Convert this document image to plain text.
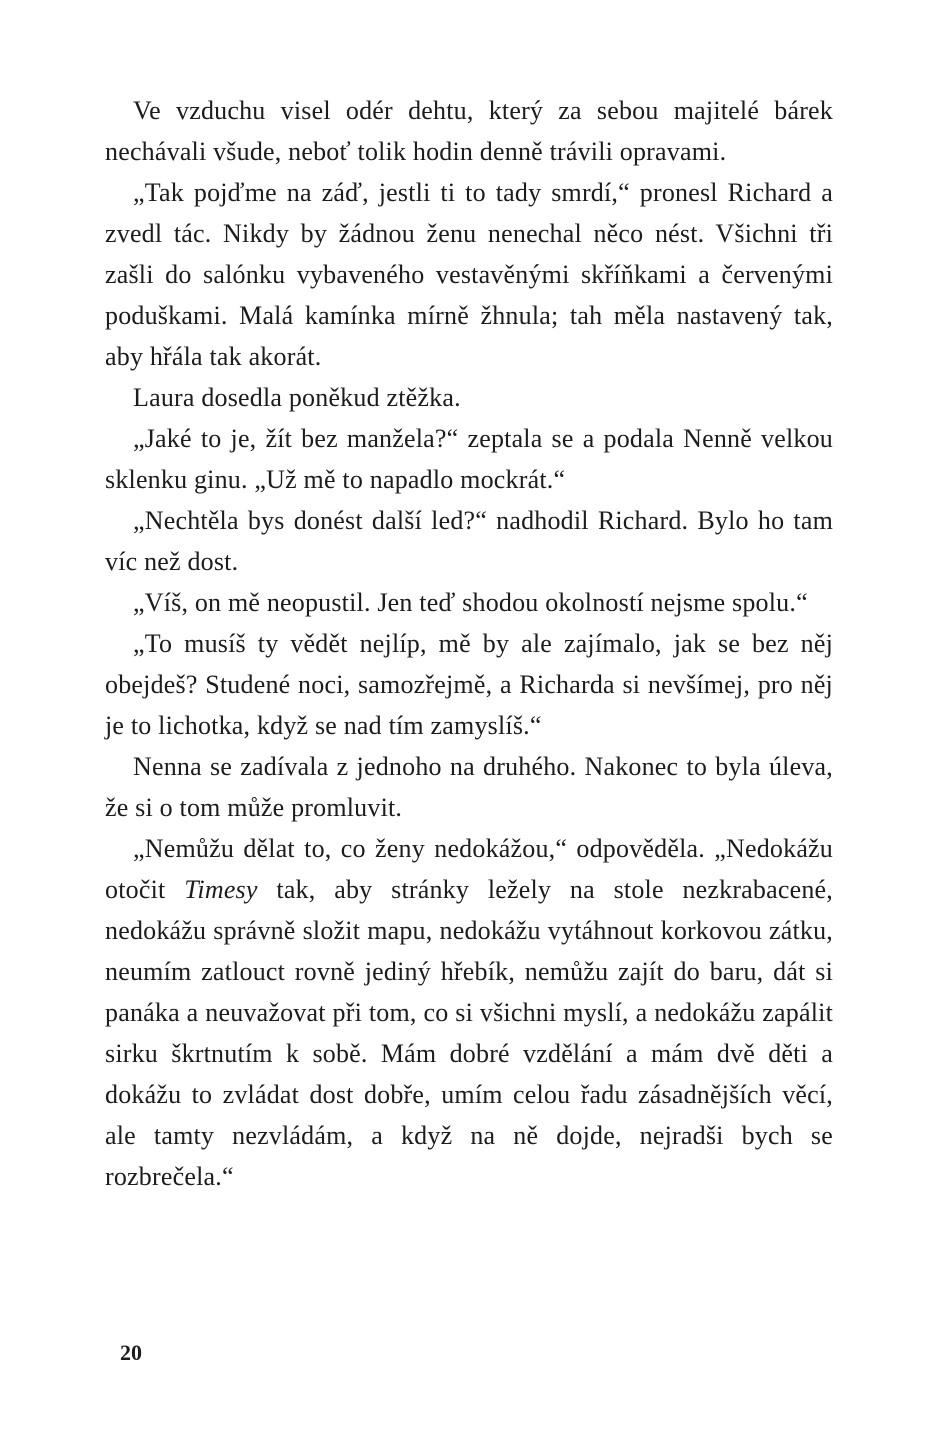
Ve vzduchu visel odér dehtu, který za sebou majitelé bárek nechávali všude, neboť tolik hodin denně trávili opravami.

„Tak pojďme na záď, jestli ti to tady smrdí,“ pronesl Richard a zvedl tác. Nikdy by žádnou ženu nenechal něco nést. Všichni tři zašli do salónku vybaveného vestavěnými skříňkami a červenými poduškami. Malá kamínka mírně žhnula; tah měla nastavený tak, aby hřála tak akorát.

Laura dosedla poněkud ztěžka.

„Jaké to je, žít bez manžela?“ zeptala se a podala Nenně velkou sklenku ginu. „Už mě to napadlo mockrát.“

„Nechtěla bys donést další led?“ nadhodil Richard. Bylo ho tam víc než dost.

„Víš, on mě neopustil. Jen teď shodou okolností nejsme spolu.“

„To musíš ty vědět nejlíp, mě by ale zajímalo, jak se bez něj obejdeš? Studené noci, samozřejmě, a Richarda si nevšímej, pro něj je to lichotka, když se nad tím zamyslíš.“

Nenna se zadívala z jednoho na druhého. Nakonec to byla úleva, že si o tom může promluvit.

„Nemůžu dělat to, co ženy nedokážou,“ odpověděla. „Nedokážu otočit Timesy tak, aby stránky ležely na stole nezkrabacené, nedokážu správně složit mapu, nedokážu vytáhnout korkovou zátku, neumím zatlouct rovně jediný hřebík, nemůžu zajít do baru, dát si panáka a neuvažovat při tom, co si všichni myslí, a nedokážu zapálit sirku škrtnutím k sobě. Mám dobré vzdělání a mám dvě děti a dokážu to zvládat dost dobře, umím celou řadu zásadnějších věcí, ale tamty nezvládám, a když na ně dojde, nejradši bych se rozbrečela.“

20
